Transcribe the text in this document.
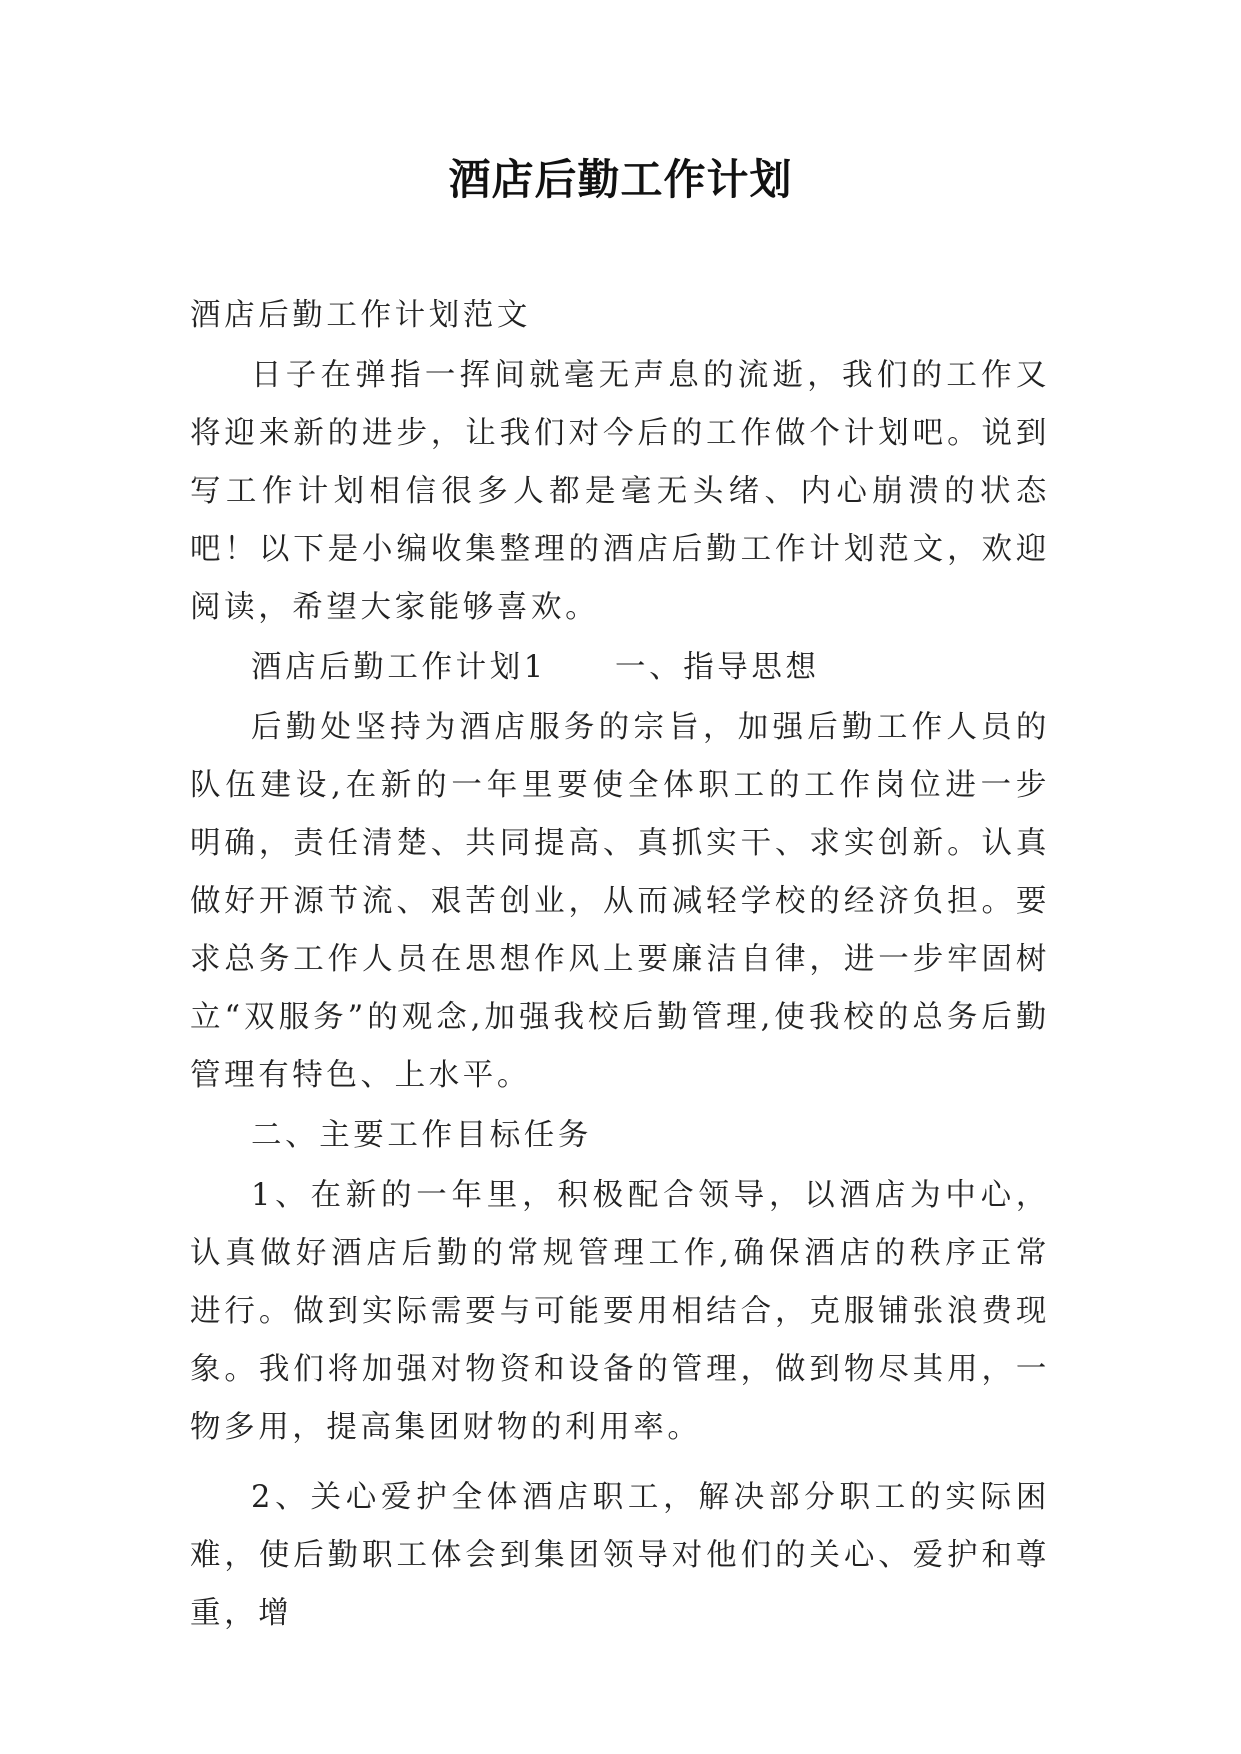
酒店后勤工作计划

酒店后勤工作计划范文

日子在弹指一挥间就毫无声息的流逝，我们的工作又将迎来新的进步，让我们对今后的工作做个计划吧。说到写工作计划相信很多人都是毫无头绪、内心崩溃的状态吧！以下是小编收集整理的酒店后勤工作计划范文，欢迎阅读，希望大家能够喜欢。

酒店后勤工作计划1　　一、指导思想

后勤处坚持为酒店服务的宗旨，加强后勤工作人员的队伍建设,在新的一年里要使全体职工的工作岗位进一步明确，责任清楚、共同提高、真抓实干、求实创新。认真做好开源节流、艰苦创业，从而减轻学校的经济负担。要求总务工作人员在思想作风上要廉洁自律，进一步牢固树立“双服务”的观念,加强我校后勤管理,使我校的总务后勤管理有特色、上水平。

二、主要工作目标任务

1、在新的一年里，积极配合领导，以酒店为中心，认真做好酒店后勤的常规管理工作,确保酒店的秩序正常进行。做到实际需要与可能要用相结合，克服铺张浪费现象。我们将加强对物资和设备的管理，做到物尽其用，一物多用，提高集团财物的利用率。

2、关心爱护全体酒店职工，解决部分职工的实际困难，使后勤职工体会到集团领导对他们的关心、爱护和尊重，增
